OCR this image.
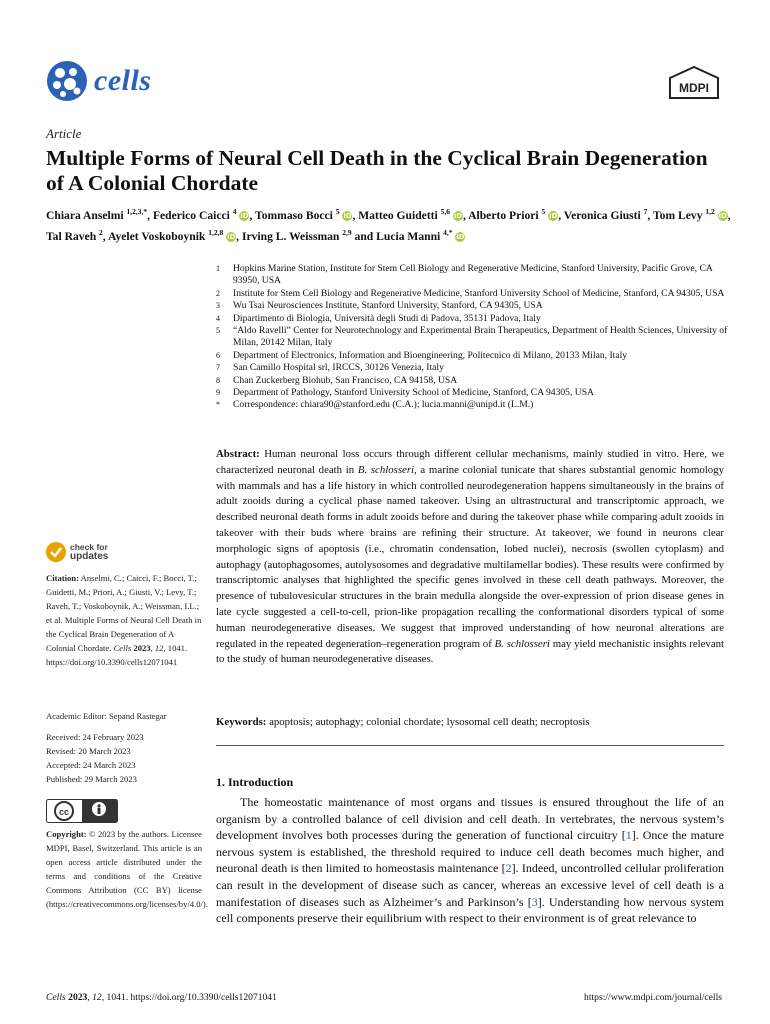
cells	MDPI
Article
Multiple Forms of Neural Cell Death in the Cyclical Brain Degeneration of A Colonial Chordate
Chiara Anselmi $^{1,2,3,*}$, Federico Caicci $^4$ iD, Tommaso Bocci $^5$ iD, Matteo Guidetti $^{5,6}$ iD, Alberto Priori $^5$ iD, Veronica Giusti $^7$, Tom Levy $^{1,2}$ iD, Tal Raveh $^2$, Ayelet Voskoboynik $^{1,2,8}$ iD, Irving L. Weissman $^{2,9}$ and Lucia Manni $^{4,*}$ iD
1	Hopkins Marine Station, Institute for Stem Cell Biology and Regenerative Medicine, Stanford University, Pacific Grove, CA 93950, USA
2	Institute for Stem Cell Biology and Regenerative Medicine, Stanford University School of Medicine, Stanford, CA 94305, USA
3	Wu Tsai Neurosciences Institute, Stanford University, Stanford, CA 94305, USA
4	Dipartimento di Biologia, Università degli Studi di Padova, 35131 Padova, Italy
5	“Aldo Ravelli” Center for Neurotechnology and Experimental Brain Therapeutics, Department of Health Sciences, University of Milan, 20142 Milan, Italy
6	Department of Electronics, Information and Bioengineering, Politecnico di Milano, 20133 Milan, Italy
7	San Camillo Hospital srl, IRCCS, 30126 Venezia, Italy
8	Chan Zuckerberg Biohub, San Francisco, CA 94158, USA
9	Department of Pathology, Stanford University School of Medicine, Stanford, CA 94305, USA
*	Correspondence: chiara90@stanford.edu (C.A.); lucia.manni@unipd.it (L.M.)
Abstract: Human neuronal loss occurs through different cellular mechanisms, mainly studied in vitro. Here, we characterized neuronal death in B. schlosseri, a marine colonial tunicate that shares substantial genomic homology with mammals and has a life history in which controlled neurodegeneration happens simultaneously in the brains of adult zooids during a cyclical phase named takeover. Using an ultrastructural and transcriptomic approach, we described neuronal death forms in adult zooids before and during the takeover phase while comparing adult zooids in takeover with their buds where brains are refining their structure. At takeover, we found in neurons clear morphologic signs of apoptosis (i.e., chromatin condensation, lobed nuclei), necrosis (swollen cytoplasm) and autophagy (autophagosomes, autolysosomes and degradative multilamellar bodies). These results were confirmed by transcriptomic analyses that highlighted the specific genes involved in these cell death pathways. Moreover, the presence of tubulovesicular structures in the brain medulla alongside the over-expression of prion disease genes in late cycle suggested a cell-to-cell, prion-like propagation recalling the conformational disorders typical of some human neurodegenerative diseases. We suggest that improved understanding of how neuronal alterations are regulated in the repeated degeneration–regeneration program of B. schlosseri may yield mechanistic insights relevant to the study of human neurodegenerative diseases.
Keywords: apoptosis; autophagy; colonial chordate; lysosomal cell death; necroptosis
1. Introduction
The homeostatic maintenance of most organs and tissues is ensured throughout the life of an organism by a controlled balance of cell division and cell death. In vertebrates, the nervous system’s development involves both processes during the generation of functional circuitry [1]. Once the mature nervous system is established, the threshold required to induce cell death becomes much higher, and neuronal death is then limited to homeostasis maintenance [2]. Indeed, uncontrolled cellular proliferation can result in the development of disease such as cancer, whereas an excessive level of cell death is a manifestation of diseases such as Alzheimer’s and Parkinson’s [3]. Understanding how nervous system cell components preserve their equilibrium with respect to their environment is of great relevance to
check for
updates
Citation: Anselmi, C.; Caicci, F.; Bocci, T.; Guidetti, M.; Priori, A.; Giusti, V.; Levy, T.; Raveh, T.; Voskoboynik, A.; Weissman, I.L.; et al. Multiple Forms of Neural Cell Death in the Cyclical Brain Degeneration of A Colonial Chordate. Cells 2023, 12, 1041. https://doi.org/10.3390/cells12071041
Academic Editor: Sepand Rastegar
Received: 24 February 2023
Revised: 20 March 2023
Accepted: 24 March 2023
Published: 29 March 2023
cc
Copyright: © 2023 by the authors. Licensee MDPI, Basel, Switzerland. This article is an open access article distributed under the terms and conditions of the Creative Commons Attribution (CC BY) license (https://creativecommons.org/licenses/by/4.0/).
Cells 2023, 12, 1041. https://doi.org/10.3390/cells12071041	https://www.mdpi.com/journal/cells
